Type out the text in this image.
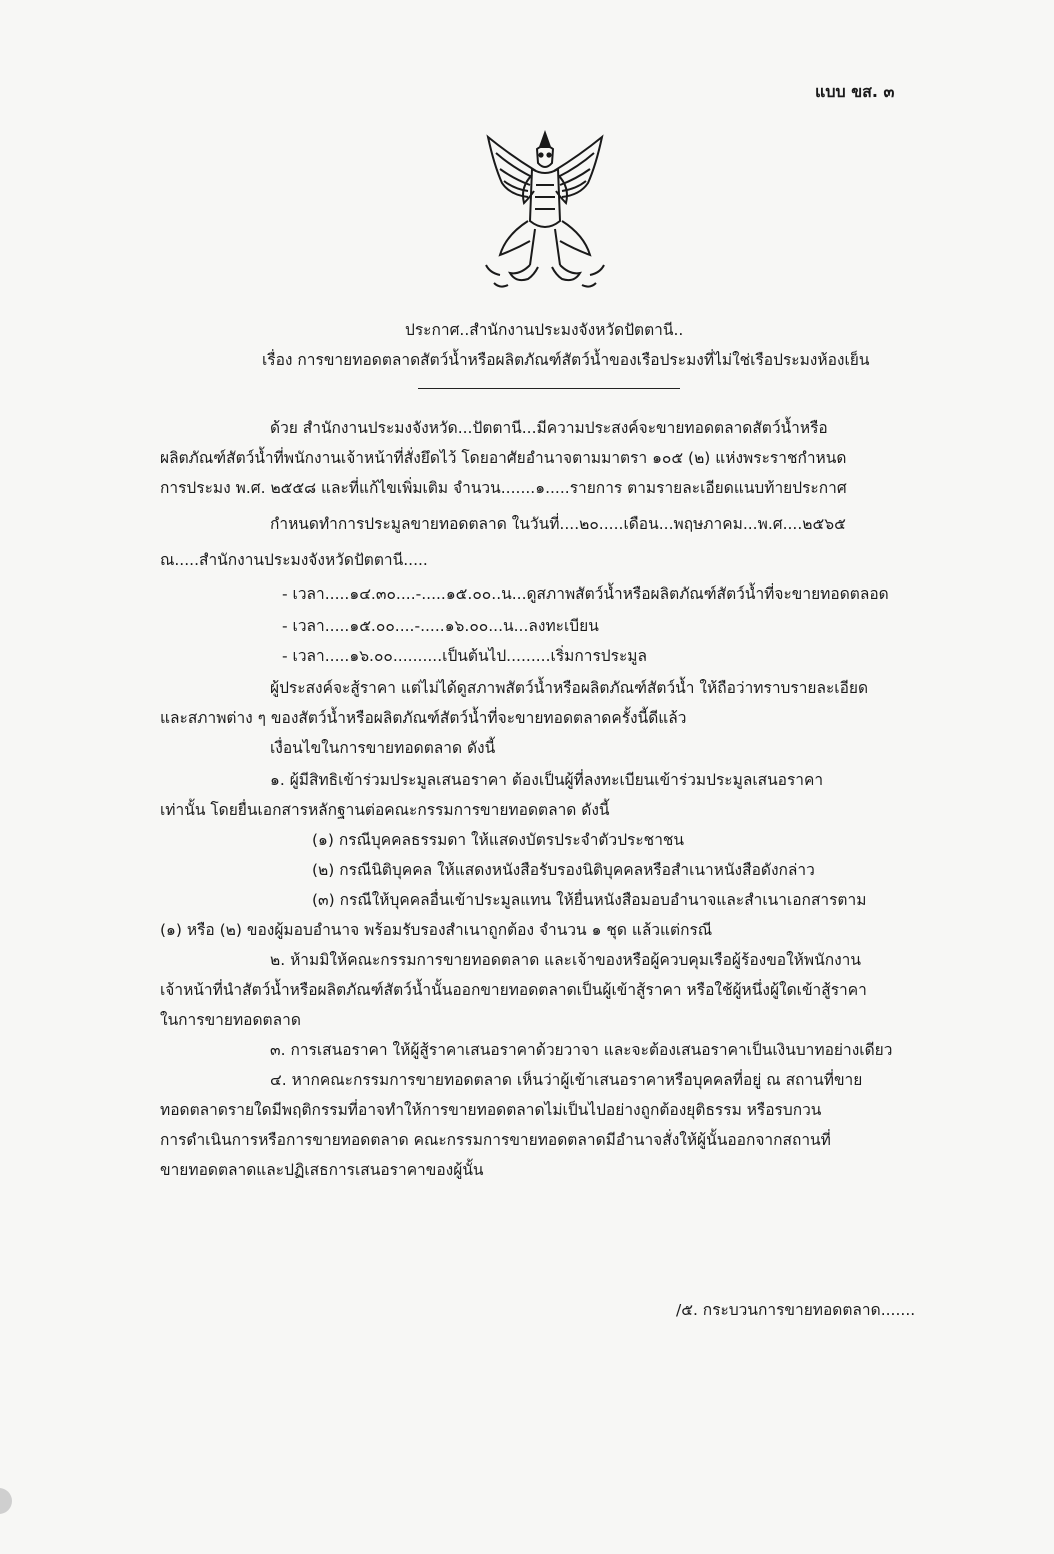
แบบ ขส. ๓
ประกาศ..สำนักงานประมงจังหวัดปัตตานี..
เรื่อง การขายทอดตลาดสัตว์น้ำหรือผลิตภัณฑ์สัตว์น้ำของเรือประมงที่ไม่ใช่เรือประมงห้องเย็น
ด้วย สำนักงานประมงจังหวัด...ปัตตานี...มีความประสงค์จะขายทอดตลาดสัตว์น้ำหรือ
ผลิตภัณฑ์สัตว์น้ำที่พนักงานเจ้าหน้าที่สั่งยึดไว้ โดยอาศัยอำนาจตามมาตรา ๑๐๕ (๒) แห่งพระราชกำหนด
การประมง พ.ศ. ๒๕๕๘ และที่แก้ไขเพิ่มเติม จำนวน.......๑.....รายการ ตามรายละเอียดแนบท้ายประกาศ
กำหนดทำการประมูลขายทอดตลาด ในวันที่....๒๐.....เดือน...พฤษภาคม...พ.ศ....๒๕๖๕
ณ.....สำนักงานประมงจังหวัดปัตตานี.....
- เวลา.....๑๔.๓๐....-.....๑๕.๐๐..น...ดูสภาพสัตว์น้ำหรือผลิตภัณฑ์สัตว์น้ำที่จะขายทอดตลอด
- เวลา.....๑๕.๐๐....-.....๑๖.๐๐...น...ลงทะเบียน
- เวลา.....๑๖.๐๐..........เป็นต้นไป.........เริ่มการประมูล
ผู้ประสงค์จะสู้ราคา แต่ไม่ได้ดูสภาพสัตว์น้ำหรือผลิตภัณฑ์สัตว์น้ำ ให้ถือว่าทราบรายละเอียด
และสภาพต่าง ๆ ของสัตว์น้ำหรือผลิตภัณฑ์สัตว์น้ำที่จะขายทอดตลาดครั้งนี้ดีแล้ว
เงื่อนไขในการขายทอดตลาด ดังนี้
๑. ผู้มีสิทธิเข้าร่วมประมูลเสนอราคา ต้องเป็นผู้ที่ลงทะเบียนเข้าร่วมประมูลเสนอราคา
เท่านั้น โดยยื่นเอกสารหลักฐานต่อคณะกรรมการขายทอดตลาด ดังนี้
(๑) กรณีบุคคลธรรมดา ให้แสดงบัตรประจำตัวประชาชน
(๒) กรณีนิติบุคคล ให้แสดงหนังสือรับรองนิติบุคคลหรือสำเนาหนังสือดังกล่าว
(๓) กรณีให้บุคคลอื่นเข้าประมูลแทน ให้ยื่นหนังสือมอบอำนาจและสำเนาเอกสารตาม
(๑) หรือ (๒) ของผู้มอบอำนาจ พร้อมรับรองสำเนาถูกต้อง จำนวน ๑ ชุด แล้วแต่กรณี
๒. ห้ามมิให้คณะกรรมการขายทอดตลาด และเจ้าของหรือผู้ควบคุมเรือผู้ร้องขอให้พนักงาน
เจ้าหน้าที่นำสัตว์น้ำหรือผลิตภัณฑ์สัตว์น้ำนั้นออกขายทอดตลาดเป็นผู้เข้าสู้ราคา หรือใช้ผู้หนึ่งผู้ใดเข้าสู้ราคา
ในการขายทอดตลาด
๓. การเสนอราคา ให้ผู้สู้ราคาเสนอราคาด้วยวาจา และจะต้องเสนอราคาเป็นเงินบาทอย่างเดียว
๔. หากคณะกรรมการขายทอดตลาด เห็นว่าผู้เข้าเสนอราคาหรือบุคคลที่อยู่ ณ สถานที่ขาย
ทอดตลาดรายใดมีพฤติกรรมที่อาจทำให้การขายทอดตลาดไม่เป็นไปอย่างถูกต้องยุติธรรม หรือรบกวน
การดำเนินการหรือการขายทอดตลาด คณะกรรมการขายทอดตลาดมีอำนาจสั่งให้ผู้นั้นออกจากสถานที่
ขายทอดตลาดและปฏิเสธการเสนอราคาของผู้นั้น
/๕. กระบวนการขายทอดตลาด.......
